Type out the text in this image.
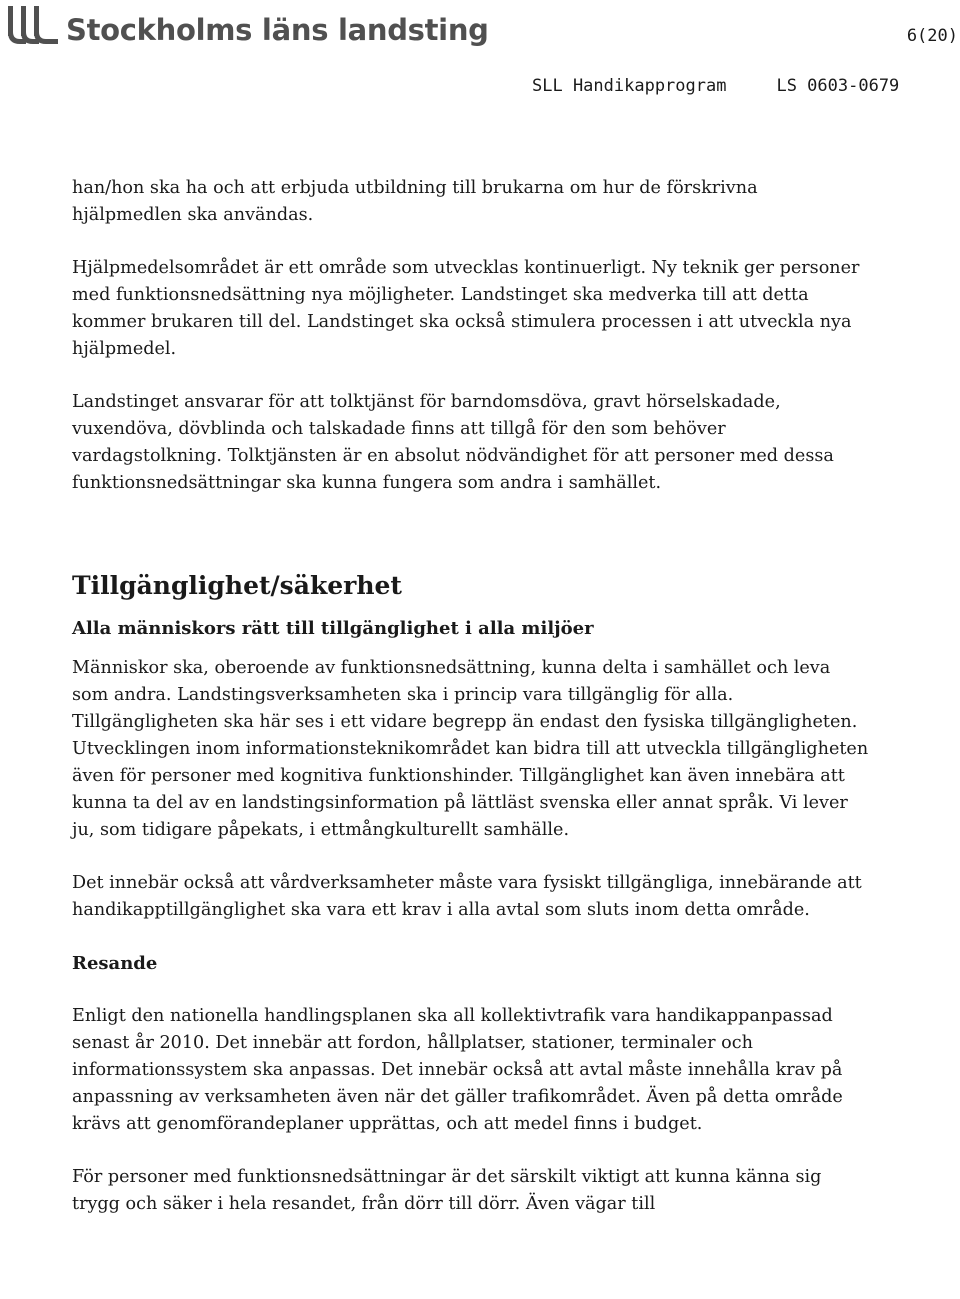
Stockholms läns landsting	6(20)
SLL Handikapprogram	LS 0603-0679

han/hon ska ha och att erbjuda utbildning till brukarna om hur de förskrivna hjälpmedlen ska användas.

Hjälpmedelsområdet är ett område som utvecklas kontinuerligt. Ny teknik ger personer med funktionsnedsättning nya möjligheter. Landstinget ska medverka till att detta kommer brukaren till del. Landstinget ska också stimulera processen i att utveckla nya hjälpmedel.

Landstinget ansvarar för att tolktjänst för barndomsdöva, gravt hörselskadade, vuxendöva, dövblinda och talskadade finns att tillgå för den som behöver vardagstolkning. Tolktjänsten är en absolut nödvändighet för att personer med dessa funktionsnedsättningar ska kunna fungera som andra i samhället.

Tillgänglighet/säkerhet
Alla människors rätt till tillgänglighet i alla miljöer

Människor ska, oberoende av funktionsnedsättning, kunna delta i samhället och leva som andra. Landstingsverksamheten ska i princip vara tillgänglig för alla. Tillgängligheten ska här ses i ett vidare begrepp än endast den fysiska tillgängligheten. Utvecklingen inom informationsteknikområdet kan bidra till att utveckla tillgängligheten även för personer med kognitiva funktionshinder. Tillgänglighet kan även innebära att kunna ta del av en landstingsinformation på lättläst svenska eller annat språk. Vi lever ju, som tidigare påpekats, i ettmångkulturellt samhälle.

Det innebär också att vårdverksamheter måste vara fysiskt tillgängliga, innebärande att handikapptillgänglighet ska vara ett krav i alla avtal som sluts inom detta område.

Resande

Enligt den nationella handlingsplanen ska all kollektivtrafik vara handikappanpassad senast år 2010. Det innebär att fordon, hållplatser, stationer, terminaler och informationssystem ska anpassas. Det innebär också att avtal måste innehålla krav på anpassning av verksamheten även när det gäller trafikområdet. Även på detta område krävs att genomförandeplaner upprättas, och att medel finns i budget.

För personer med funktionsnedsättningar är det särskilt viktigt att kunna känna sig trygg och säker i hela resandet, från dörr till dörr. Även vägar till
